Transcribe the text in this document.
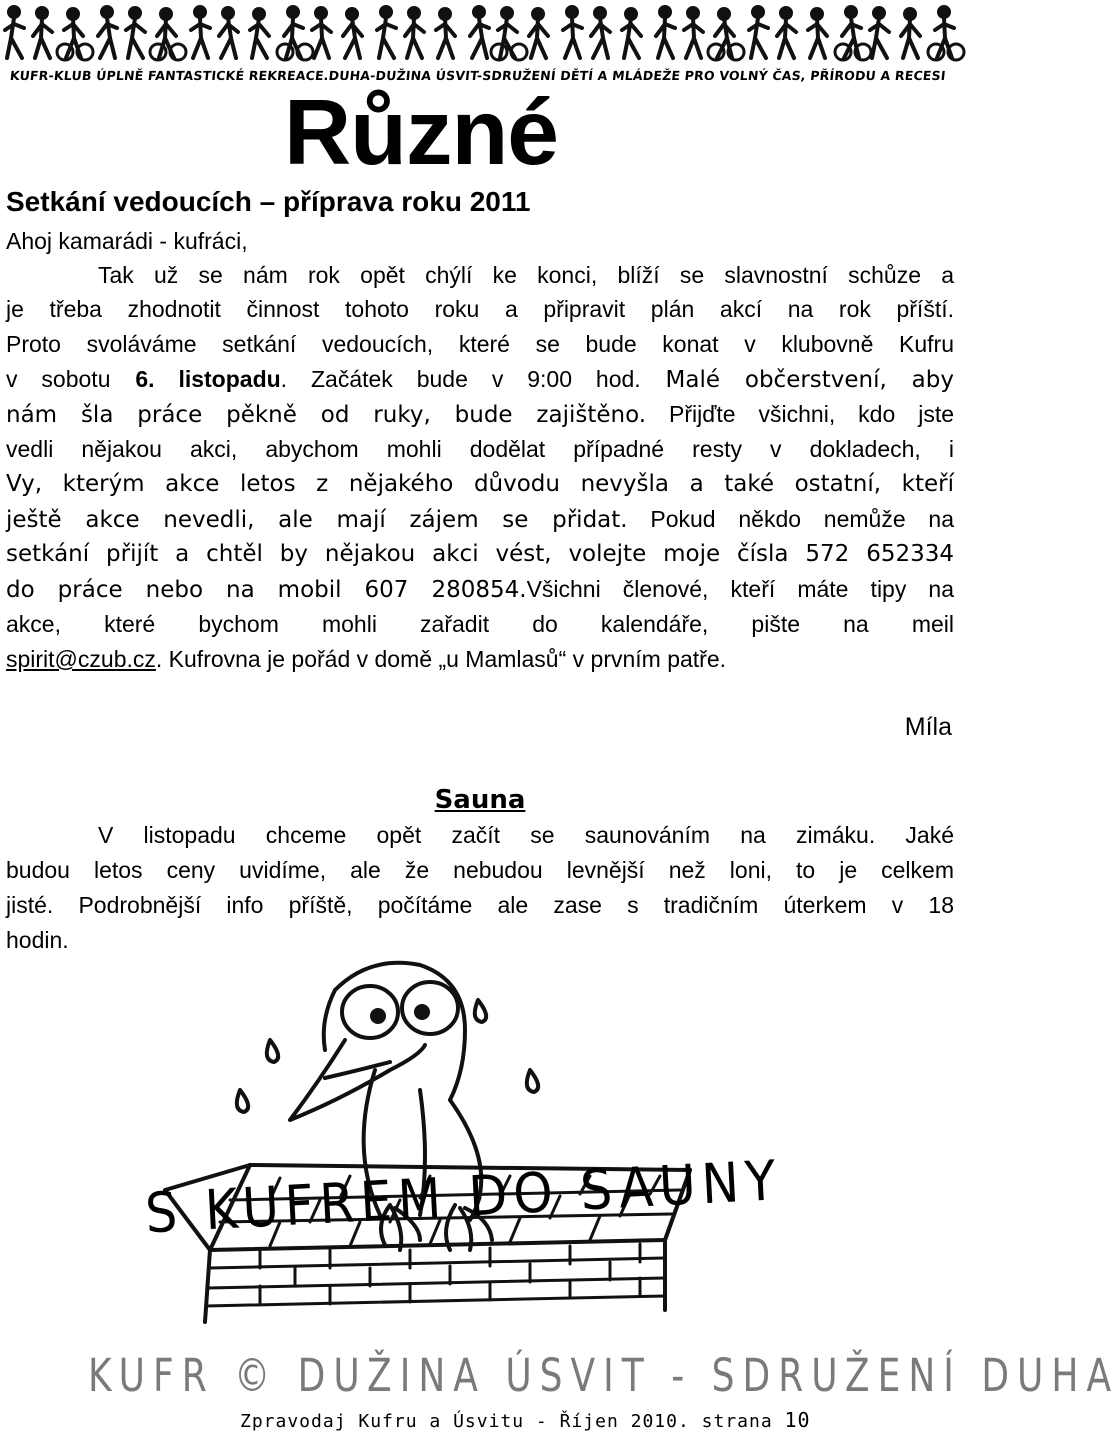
KUFR-KLUB ÚPLNĚ FANTASTICKÉ REKREACE.DUHA-DUŽINA ÚSVIT-SDRUŽENÍ DĚTÍ A MLÁDEŽE PRO VOLNÝ ČAS, PŘÍRODU A RECESI
Různé
Setkání vedoucích – příprava roku 2011
Ahoj kamarádi - kufráci,
Tak už se nám rok opět chýlí ke konci, blíží se slavnostní schůze a
je třeba zhodnotit činnost tohoto roku a připravit plán akcí na rok příští.
Proto svoláváme setkání vedoucích, které se bude konat v klubovně Kufru
v sobotu 6. listopadu. Začátek bude v 9:00 hod. Malé občerstvení, aby
nám šla práce pěkně od ruky, bude zajištěno. Přijďte všichni, kdo jste
vedli nějakou akci, abychom mohli dodělat případné resty v dokladech, i
Vy, kterým akce letos z nějakého důvodu nevyšla a také ostatní, kteří
ještě akce nevedli, ale mají zájem se přidat. Pokud někdo nemůže na
setkání přijít a chtěl by nějakou akci vést, volejte moje čísla 572 652334
do práce nebo na mobil 607 280854.Všichni členové, kteří máte tipy na
akce, které bychom mohli zařadit do kalendáře, pište na meil
spirit@czub.cz. Kufrovna je pořád v domě „u Mamlasů“ v prvním patře.
Míla
Sauna
V listopadu chceme opět začít se saunováním na zimáku. Jaké
budou letos ceny uvidíme, ale že nebudou levnější než loni, to je celkem
jisté. Podrobnější info příště, počítáme ale zase s tradičním úterkem v 18
hodin.
S KUFREM DO SAUNY
KUFR © DUŽINA ÚSVIT - SDRUŽENÍ DUHA
Zpravodaj Kufru a Úsvitu - Říjen 2010. strana 10
